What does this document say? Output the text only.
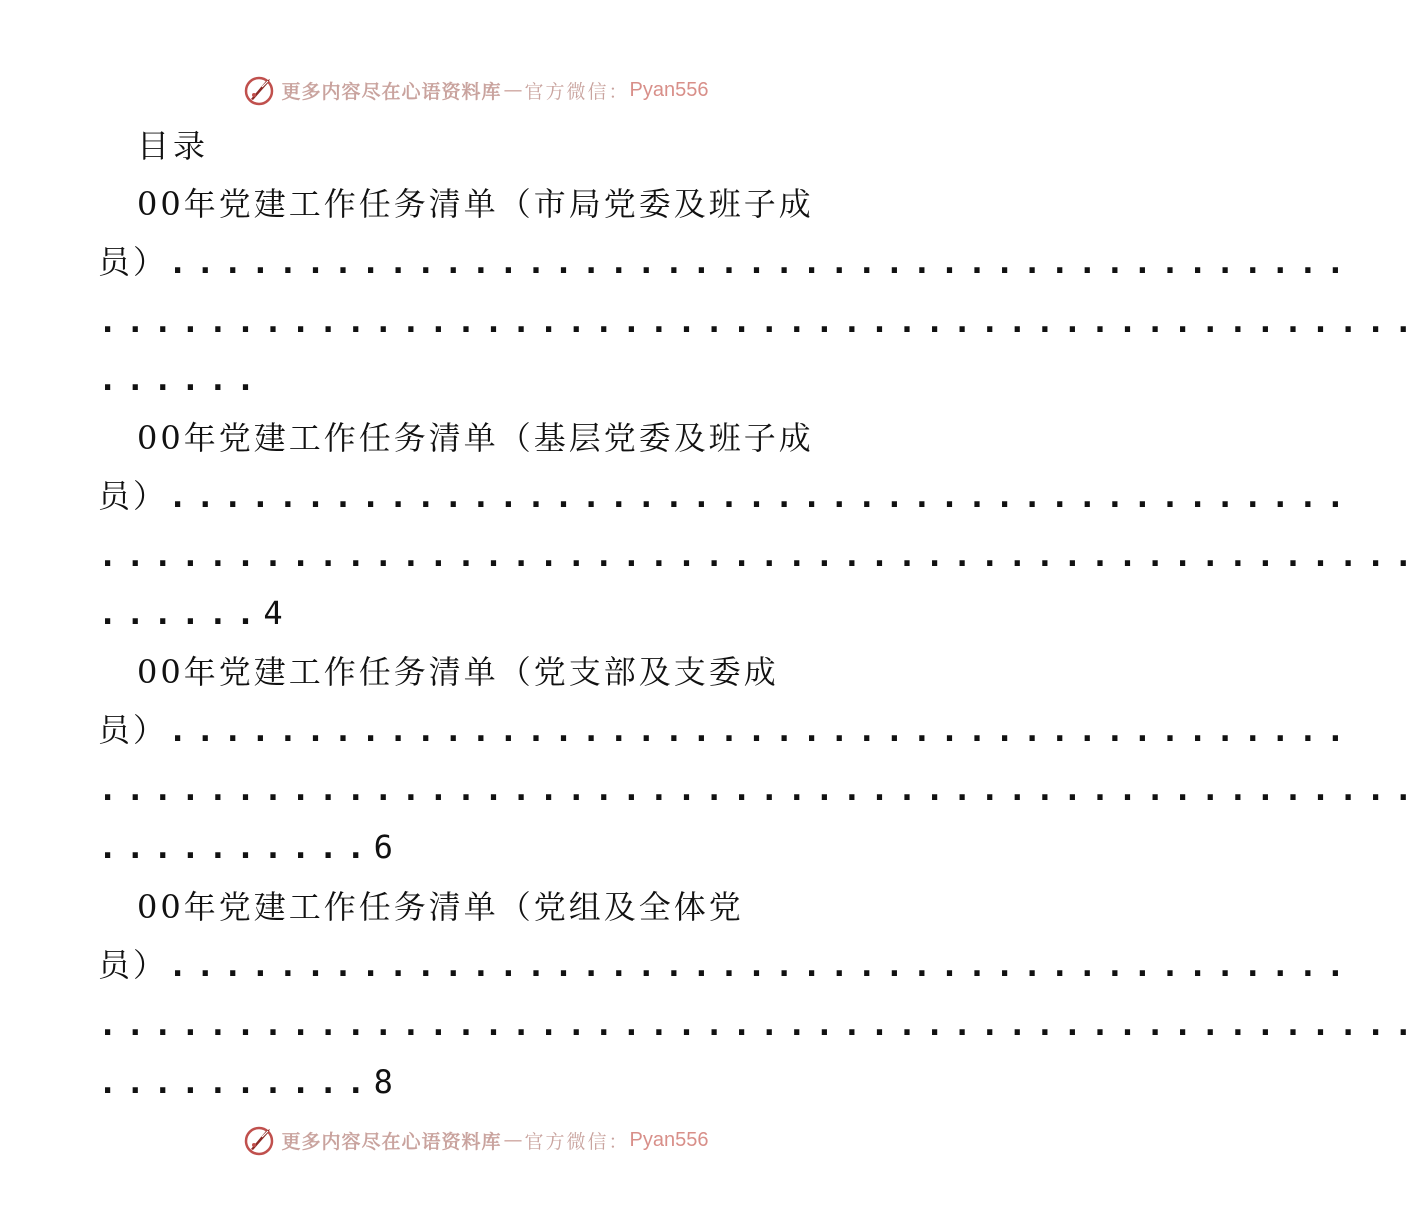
更多内容尽在心语资料库 — 官方微信： Pyan556
目录
00年党建工作任务清单（市局党委及班子成
员）...........................................
................................................
......
00年党建工作任务清单（基层党委及班子成
员）...........................................
................................................
......4
00年党建工作任务清单（党支部及支委成
员）...........................................
................................................
..........6
00年党建工作任务清单（党组及全体党
员）...........................................
................................................
..........8
更多内容尽在心语资料库 — 官方微信： Pyan556
